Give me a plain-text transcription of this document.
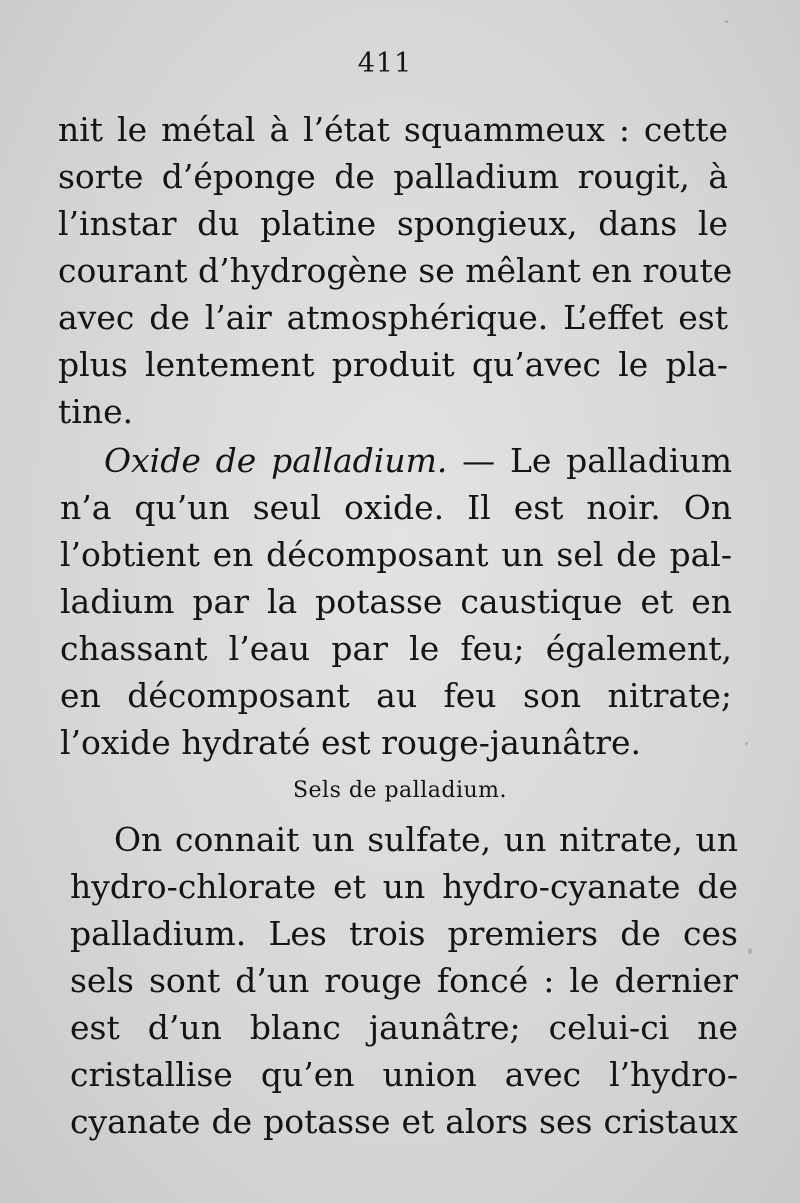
411
nit le métal à l’état squammeux : cette
sorte d’éponge de palladium rougit, à
l’instar du platine spongieux, dans le
courant d’hydrogène se mêlant en route
avec de l’air atmosphérique. L’effet est
plus lentement produit qu’avec le pla-
tine.
Oxide de palladium. — Le palladium
n’a qu’un seul oxide. Il est noir. On
l’obtient en décomposant un sel de pal-
ladium par la potasse caustique et en
chassant l’eau par le feu; également,
en décomposant au feu son nitrate;
l’oxide hydraté est rouge-jaunâtre.
Sels de palladium.
On connait un sulfate, un nitrate, un
hydro-chlorate et un hydro-cyanate de
palladium. Les trois premiers de ces
sels sont d’un rouge foncé : le dernier
est d’un blanc jaunâtre; celui-ci ne
cristallise qu’en union avec l’hydro-
cyanate de potasse et alors ses cristaux
